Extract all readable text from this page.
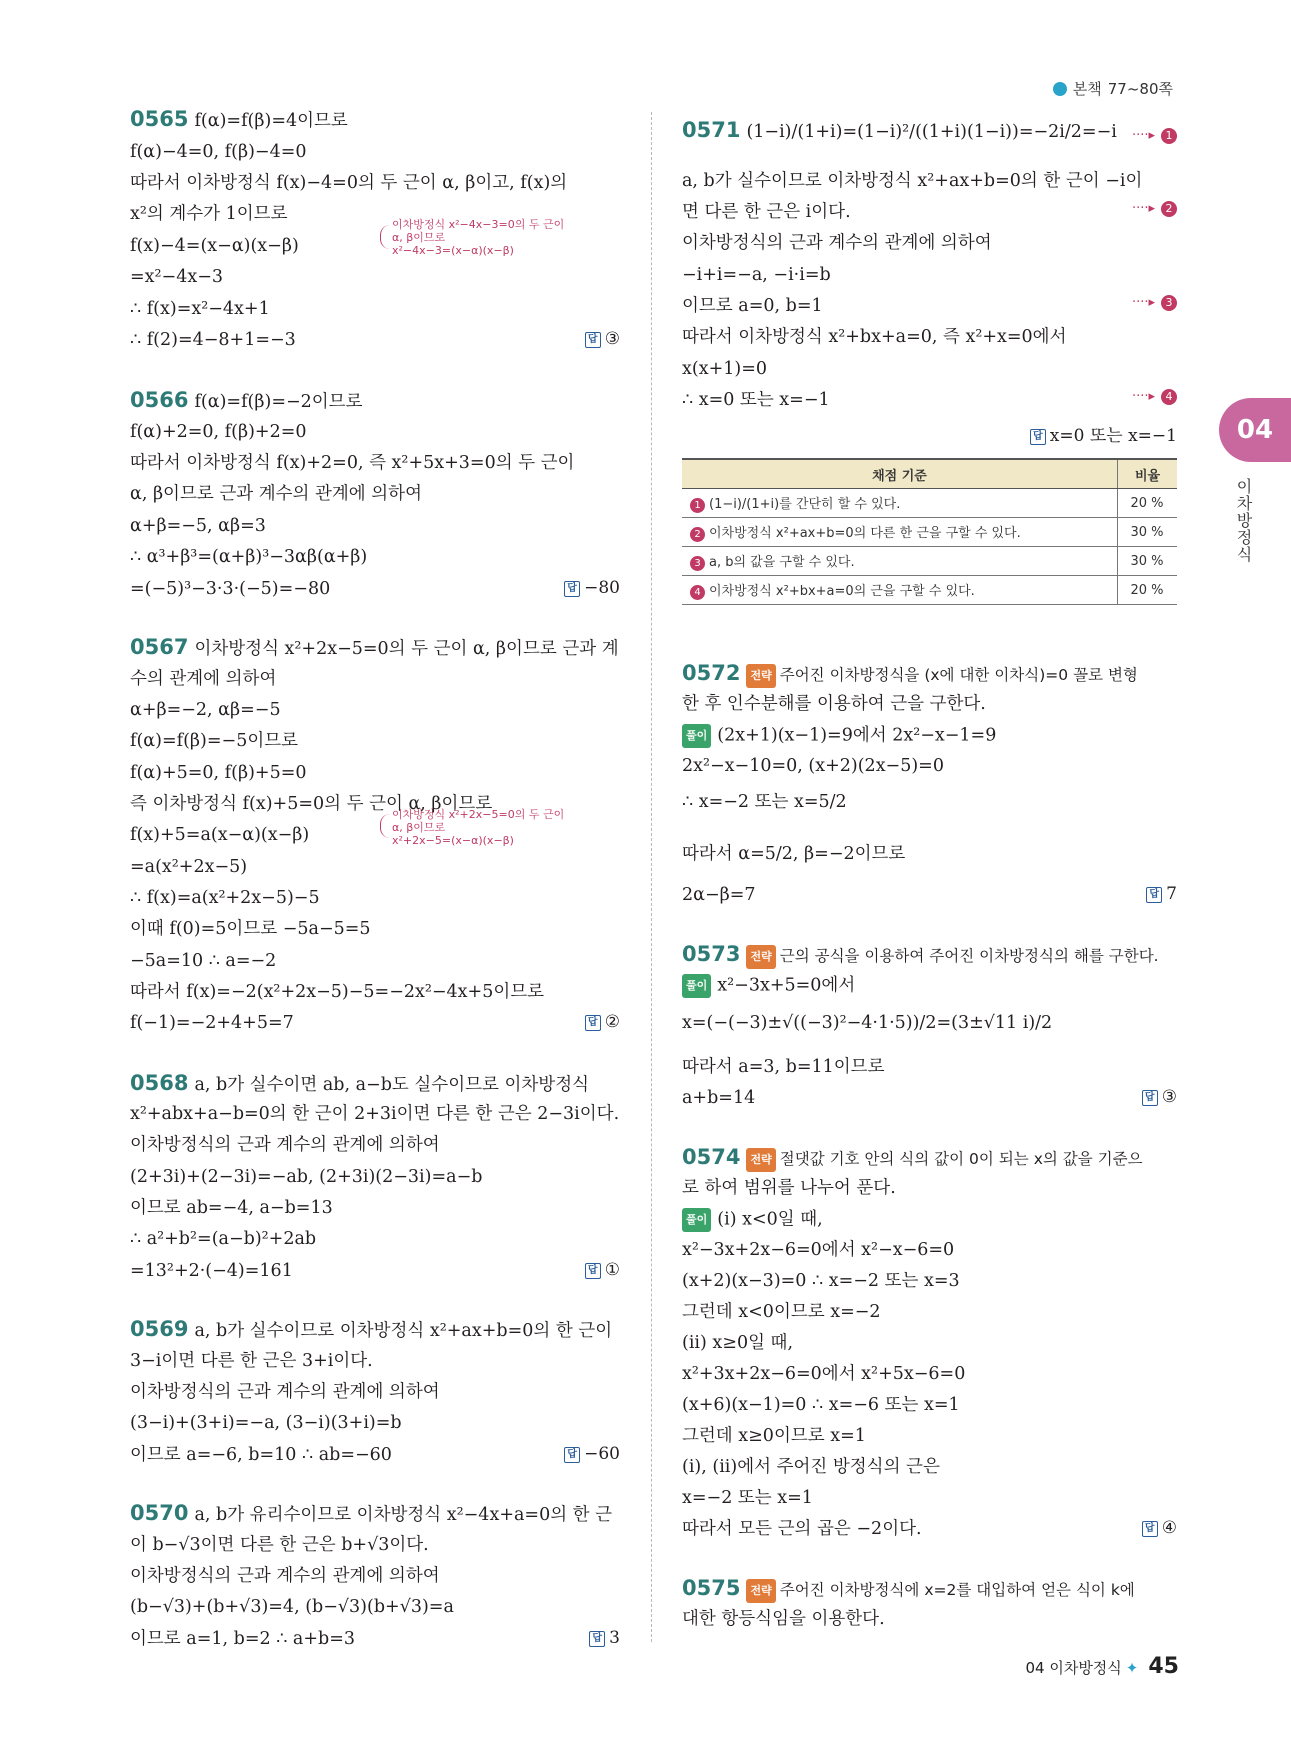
본책 77~80쪽
이차방정식 x²−4x−3=0의 두 근이
α, β이므로
x²−4x−3=(x−α)(x−β)
이차방정식 x²+2x−5=0의 두 근이
α, β이므로
x²+2x−5=(x−α)(x−β)
0565 f(α)=f(β)=4이므로
f(α)−4=0, f(β)−4=0
따라서 이차방정식 f(x)−4=0의 두 근이 α, β이고, f(x)의
x²의 계수가 1이므로
f(x)−4=(x−α)(x−β)
=x²−4x−3
∴ f(x)=x²−4x+1
∴ f(2)=4−8+1=−3
0566 f(α)=f(β)=−2이므로
f(α)+2=0, f(β)+2=0
따라서 이차방정식 f(x)+2=0, 즉 x²+5x+3=0의 두 근이
α, β이므로 근과 계수의 관계에 의하여
α+β=−5, αβ=3
∴ α³+β³=(α+β)³−3αβ(α+β)
=(−5)³−3·3·(−5)=−80
0567 이차방정식 x²+2x−5=0의 두 근이 α, β이므로 근과 계
수의 관계에 의하여
α+β=−2, αβ=−5
f(α)=f(β)=−5이므로
f(α)+5=0, f(β)+5=0
즉 이차방정식 f(x)+5=0의 두 근이 α, β이므로
f(x)+5=a(x−α)(x−β)
=a(x²+2x−5)
∴ f(x)=a(x²+2x−5)−5
이때 f(0)=5이므로 −5a−5=5
−5a=10 ∴ a=−2
따라서 f(x)=−2(x²+2x−5)−5=−2x²−4x+5이므로
f(−1)=−2+4+5=7
0568 a, b가 실수이면 ab, a−b도 실수이므로 이차방정식
x²+abx+a−b=0의 한 근이 2+3i이면 다른 한 근은 2−3i이다.
이차방정식의 근과 계수의 관계에 의하여
(2+3i)+(2−3i)=−ab, (2+3i)(2−3i)=a−b
이므로 ab=−4, a−b=13
∴ a²+b²=(a−b)²+2ab
=13²+2·(−4)=161
0569 a, b가 실수이므로 이차방정식 x²+ax+b=0의 한 근이
3−i이면 다른 한 근은 3+i이다.
이차방정식의 근과 계수의 관계에 의하여
(3−i)+(3+i)=−a, (3−i)(3+i)=b
이므로 a=−6, b=10 ∴ ab=−60
0570 a, b가 유리수이므로 이차방정식 x²−4x+a=0의 한 근
이 b−√3이면 다른 한 근은 b+√3이다.
이차방정식의 근과 계수의 관계에 의하여
(b−√3)+(b+√3)=4, (b−√3)(b+√3)=a
이므로 a=1, b=2 ∴ a+b=3
답 ③
답 −80
답 ②
답 ①
답 −60
답 3
답 x=0 또는 x=−1
채점 기준	비율
1 (1−i)/(1+i)를 간단히 할 수 있다.	20 %
2 이차방정식 x²+ax+b=0의 다른 한 근을 구할 수 있다.	30 %
3 a, b의 값을 구할 수 있다.	30 %
4 이차방정식 x²+bx+a=0의 근을 구할 수 있다.	20 %
0571 (1−i)/(1+i)=(1−i)²/((1+i)(1−i))=−2i/2=−i
a, b가 실수이므로 이차방정식 x²+ax+b=0의 한 근이 −i이
면 다른 한 근은 i이다.
이차방정식의 근과 계수의 관계에 의하여
−i+i=−a, −i·i=b
이므로 a=0, b=1
따라서 이차방정식 x²+bx+a=0, 즉 x²+x=0에서
x(x+1)=0
∴ x=0 또는 x=−1
0572 전략 주어진 이차방정식을 (x에 대한 이차식)=0 꼴로 변형
한 후 인수분해를 이용하여 근을 구한다.
풀이 (2x+1)(x−1)=9에서 2x²−x−1=9
2x²−x−10=0, (x+2)(2x−5)=0
∴ x=−2 또는 x=5/2
따라서 α=5/2, β=−2이므로
2α−β=7
0573 전략 근의 공식을 이용하여 주어진 이차방정식의 해를 구한다.
풀이 x²−3x+5=0에서
x=(−(−3)±√((−3)²−4·1·5))/2=(3±√11 i)/2
따라서 a=3, b=11이므로
a+b=14
0574 전략 절댓값 기호 안의 식의 값이 0이 되는 x의 값을 기준으
로 하여 범위를 나누어 푼다.
풀이 (i) x<0일 때,
x²−3x+2x−6=0에서 x²−x−6=0
(x+2)(x−3)=0 ∴ x=−2 또는 x=3
그런데 x<0이므로 x=−2
(ii) x≥0일 때,
x²+3x+2x−6=0에서 x²+5x−6=0
(x+6)(x−1)=0 ∴ x=−6 또는 x=1
그런데 x≥0이므로 x=1
(i), (ii)에서 주어진 방정식의 근은
x=−2 또는 x=1
따라서 모든 근의 곱은 −2이다.
0575 전략 주어진 이차방정식에 x=2를 대입하여 얻은 식이 k에
대한 항등식임을 이용한다.
답 7
답 ③
답 ④
····▸ 1
····▸ 2
····▸ 3
····▸ 4
04
이차방정식
04 이차방정식 ✦ 45
